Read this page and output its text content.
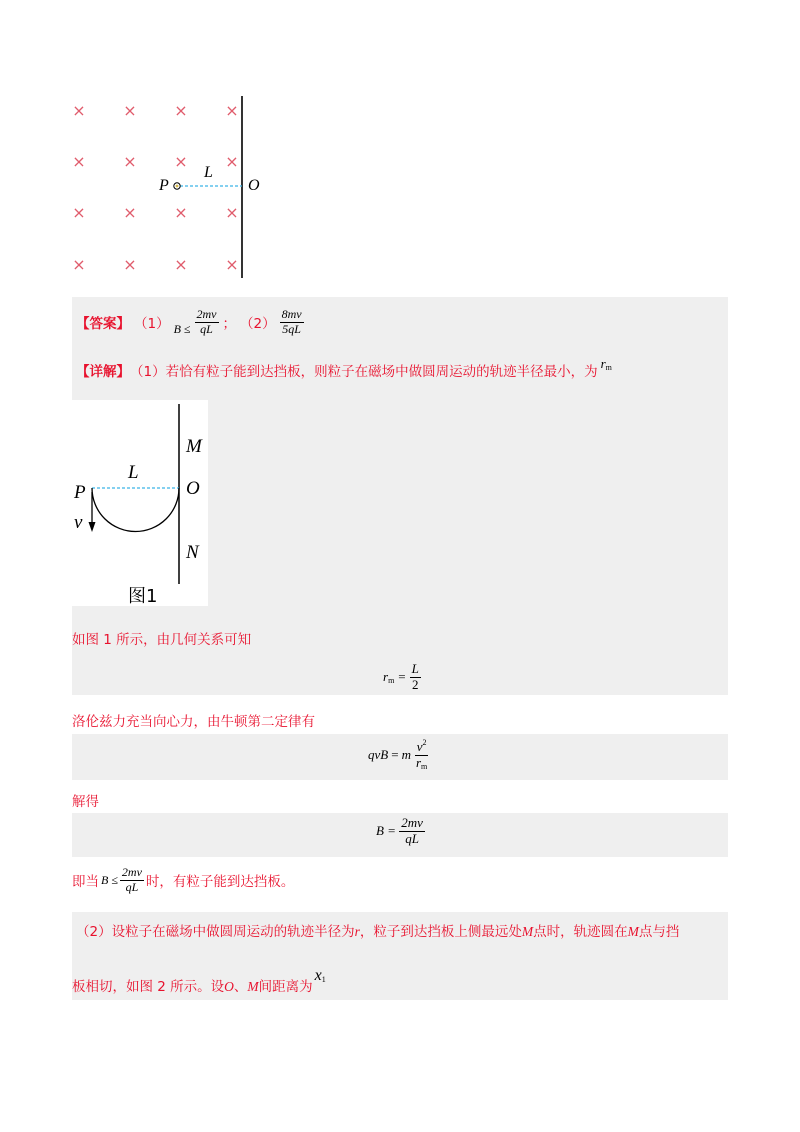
× × × ×
× × × ×
× × × ×
× × × ×
P
L
O
【答案】 （1） $B \le \frac{2mv}{qL}$ ； $(2) \frac{8mv}{5qL}$
【详解】 （1）若恰有粒子能到达挡板，则粒子在磁场中做圆周运动的轨迹半径最小，为
$r_m$
M
L
P	O
v
N
图1
如图 1 所示，由几何关系可知
$r_m = \frac{L}{2}$
洛伦兹力充当向心力，由牛顿第二定律有
qvB = m $\frac{v^2}{r_m}$
解得
$B = \frac{2mv}{qL}$
即当 $B \le \frac{2mv}{qL}$ 时，有粒子能到达挡板。
（2）设粒子在磁场中做圆周运动的轨迹半径为r，粒子到达挡板上侧最远处M点时，轨迹圆在M点与挡
板相切，如图 2 所示。设 O 、 M 间距离为
$x_1$
